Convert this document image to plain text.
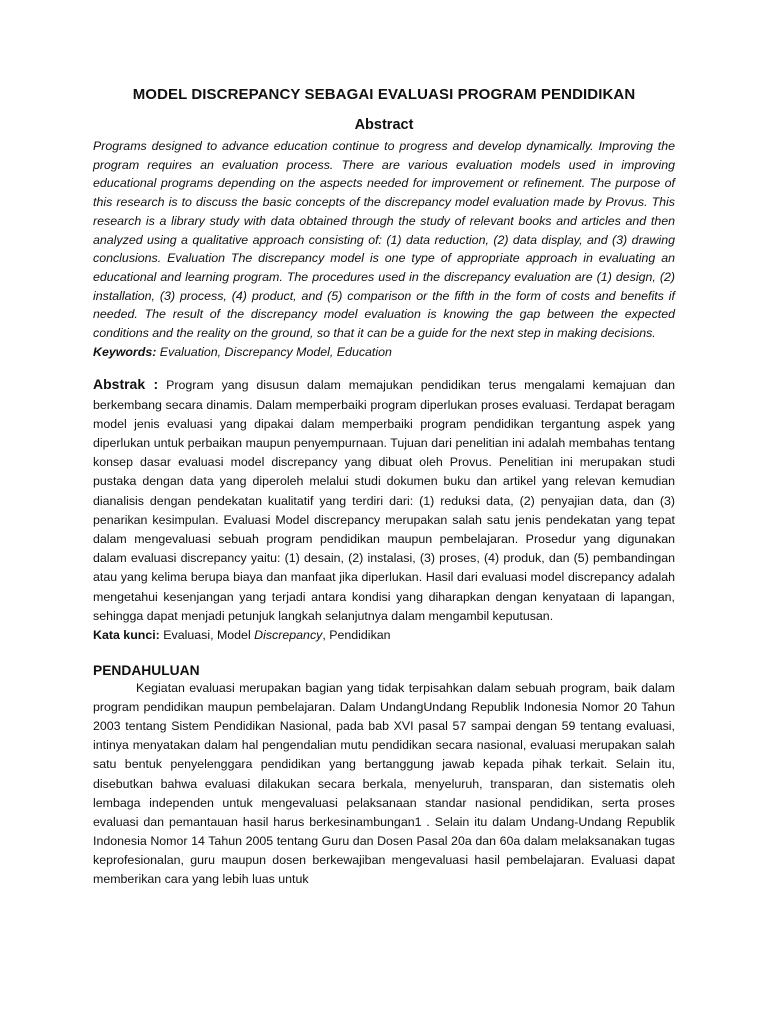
MODEL DISCREPANCY SEBAGAI EVALUASI PROGRAM PENDIDIKAN
Abstract

Programs designed to advance education continue to progress and develop dynamically. Improving the program requires an evaluation process. There are various evaluation models used in improving educational programs depending on the aspects needed for improvement or refinement. The purpose of this research is to discuss the basic concepts of the discrepancy model evaluation made by Provus. This research is a library study with data obtained through the study of relevant books and articles and then analyzed using a qualitative approach consisting of: (1) data reduction, (2) data display, and (3) drawing conclusions. Evaluation The discrepancy model is one type of appropriate approach in evaluating an educational and learning program. The procedures used in the discrepancy evaluation are (1) design, (2) installation, (3) process, (4) product, and (5) comparison or the fifth in the form of costs and benefits if needed. The result of the discrepancy model evaluation is knowing the gap between the expected conditions and the reality on the ground, so that it can be a guide for the next step in making decisions.

Keywords: Evaluation, Discrepancy Model, Education

Abstrak : Program yang disusun dalam memajukan pendidikan terus mengalami kemajuan dan berkembang secara dinamis. Dalam memperbaiki program diperlukan proses evaluasi. Terdapat beragam model jenis evaluasi yang dipakai dalam memperbaiki program pendidikan tergantung aspek yang diperlukan untuk perbaikan maupun penyempurnaan. Tujuan dari penelitian ini adalah membahas tentang konsep dasar evaluasi model discrepancy yang dibuat oleh Provus. Penelitian ini merupakan studi pustaka dengan data yang diperoleh melalui studi dokumen buku dan artikel yang relevan kemudian dianalisis dengan pendekatan kualitatif yang terdiri dari: (1) reduksi data, (2) penyajian data, dan (3) penarikan kesimpulan. Evaluasi Model discrepancy merupakan salah satu jenis pendekatan yang tepat dalam mengevaluasi sebuah program pendidikan maupun pembelajaran. Prosedur yang digunakan dalam evaluasi discrepancy yaitu: (1) desain, (2) instalasi, (3) proses, (4) produk, dan (5) pembandingan atau yang kelima berupa biaya dan manfaat jika diperlukan. Hasil dari evaluasi model discrepancy adalah mengetahui kesenjangan yang terjadi antara kondisi yang diharapkan dengan kenyataan di lapangan, sehingga dapat menjadi petunjuk langkah selanjutnya dalam mengambil keputusan.

Kata kunci: Evaluasi, Model Discrepancy, Pendidikan

PENDAHULUAN

Kegiatan evaluasi merupakan bagian yang tidak terpisahkan dalam sebuah program, baik dalam program pendidikan maupun pembelajaran. Dalam UndangUndang Republik Indonesia Nomor 20 Tahun 2003 tentang Sistem Pendidikan Nasional, pada bab XVI pasal 57 sampai dengan 59 tentang evaluasi, intinya menyatakan dalam hal pengendalian mutu pendidikan secara nasional, evaluasi merupakan salah satu bentuk penyelenggara pendidikan yang bertanggung jawab kepada pihak terkait. Selain itu, disebutkan bahwa evaluasi dilakukan secara berkala, menyeluruh, transparan, dan sistematis oleh lembaga independen untuk mengevaluasi pelaksanaan standar nasional pendidikan, serta proses evaluasi dan pemantauan hasil harus berkesinambungan1 . Selain itu dalam Undang-Undang Republik Indonesia Nomor 14 Tahun 2005 tentang Guru dan Dosen Pasal 20a dan 60a dalam melaksanakan tugas keprofesionalan, guru maupun dosen berkewajiban mengevaluasi hasil pembelajaran. Evaluasi dapat memberikan cara yang lebih luas untuk
